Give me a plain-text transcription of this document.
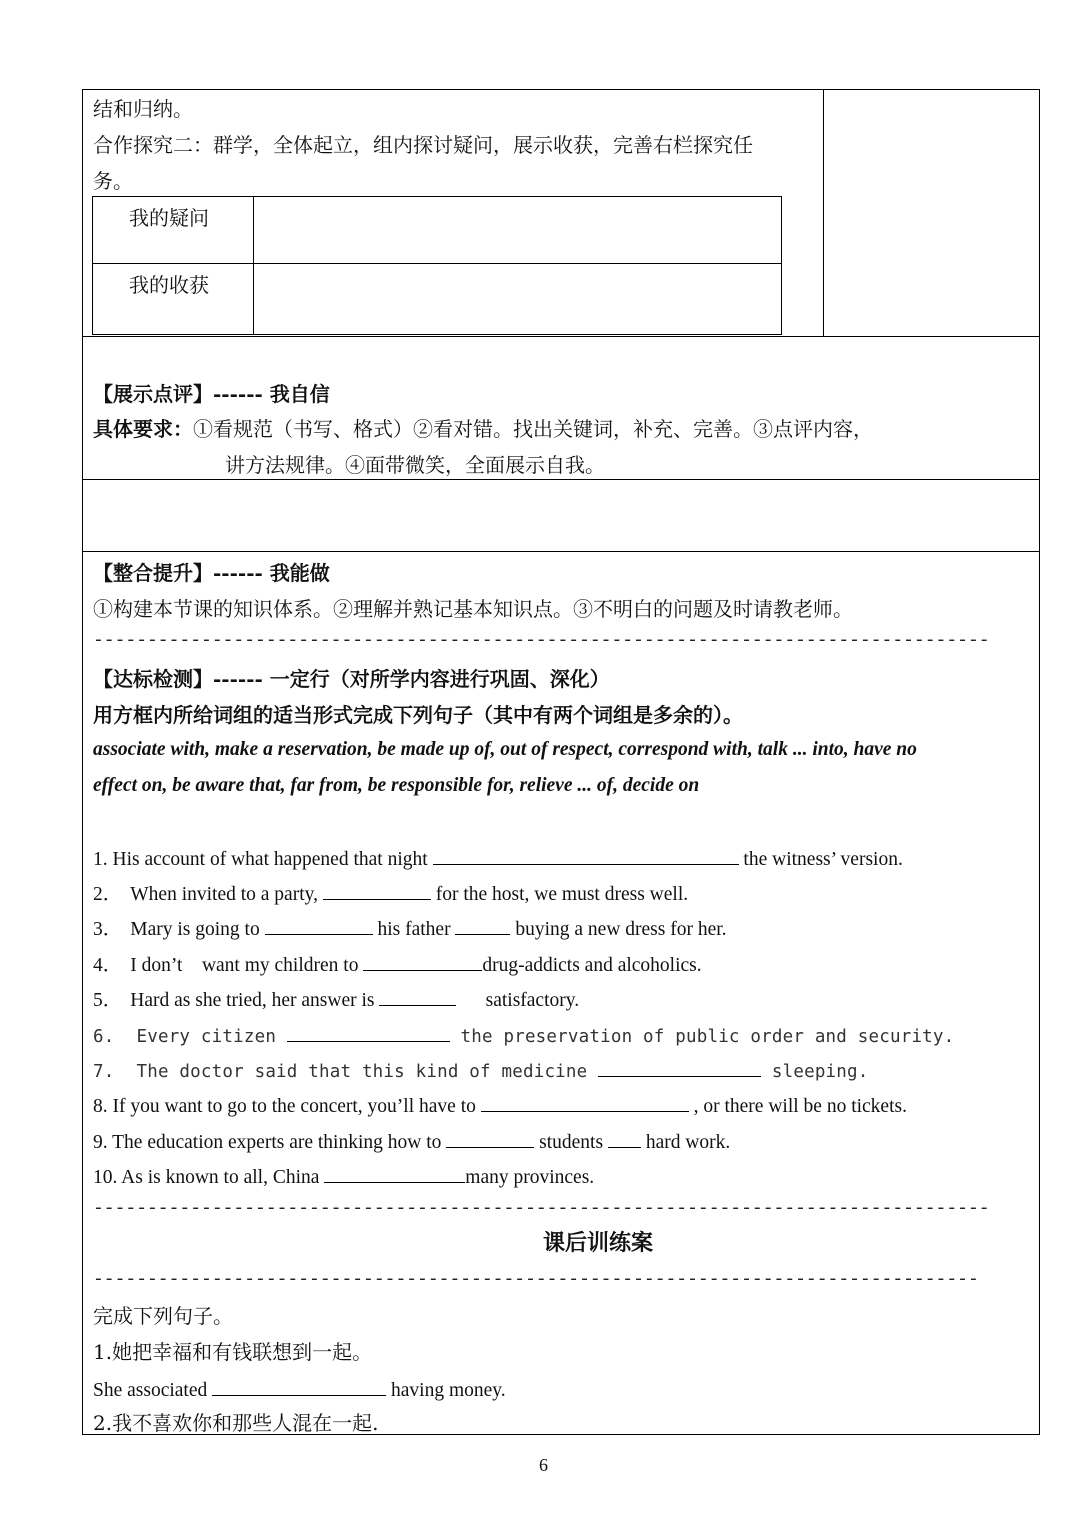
结和归纳。
合作探究二：群学，全体起立，组内探讨疑问，展示收获，完善右栏探究任
务。
我的疑问
我的收获
【展示点评】------ 我自信
具体要求：①看规范（书写、格式）②看对错。找出关键词，补充、完善。③点评内容，
讲方法规律。④面带微笑，全面展示自我。
【整合提升】------ 我能做
①构建本节课的知识体系。②理解并熟记基本知识点。③不明白的问题及时请教老师。
-----------------------------------------------------------------------------------
【达标检测】------ 一定行（对所学内容进行巩固、深化）
用方框内所给词组的适当形式完成下列句子（其中有两个词组是多余的）。
associate with, make a reservation, be made up of, out of respect, correspond with, talk ... into, have no
effect on, be aware that, far from, be responsible for, relieve ... of, decide on
1. His account of what happened that night	the witness’ version.
2． When invited to a party,	for the host, we must dress well.
3． Mary is going to	his father	buying a new dress for her.
4． I don’t    want my children to	drug-addicts and alcoholics.
5． Hard as she tried, her answer is	satisfactory.
6. Every citizen	the preservation of public order and security.
7. The doctor said that this kind of medicine	sleeping.
8. If you want to go to the concert, you’ll have to	, or there will be no tickets.
9. The education experts are thinking how to	students  hard work.
10. As is known to all, China	many provinces.
-----------------------------------------------------------------------------------
课后训练案
----------------------------------------------------------------------------------
完成下列句子。
1.她把幸福和有钱联想到一起。
She associated	having money.
2.我不喜欢你和那些人混在一起.
6
